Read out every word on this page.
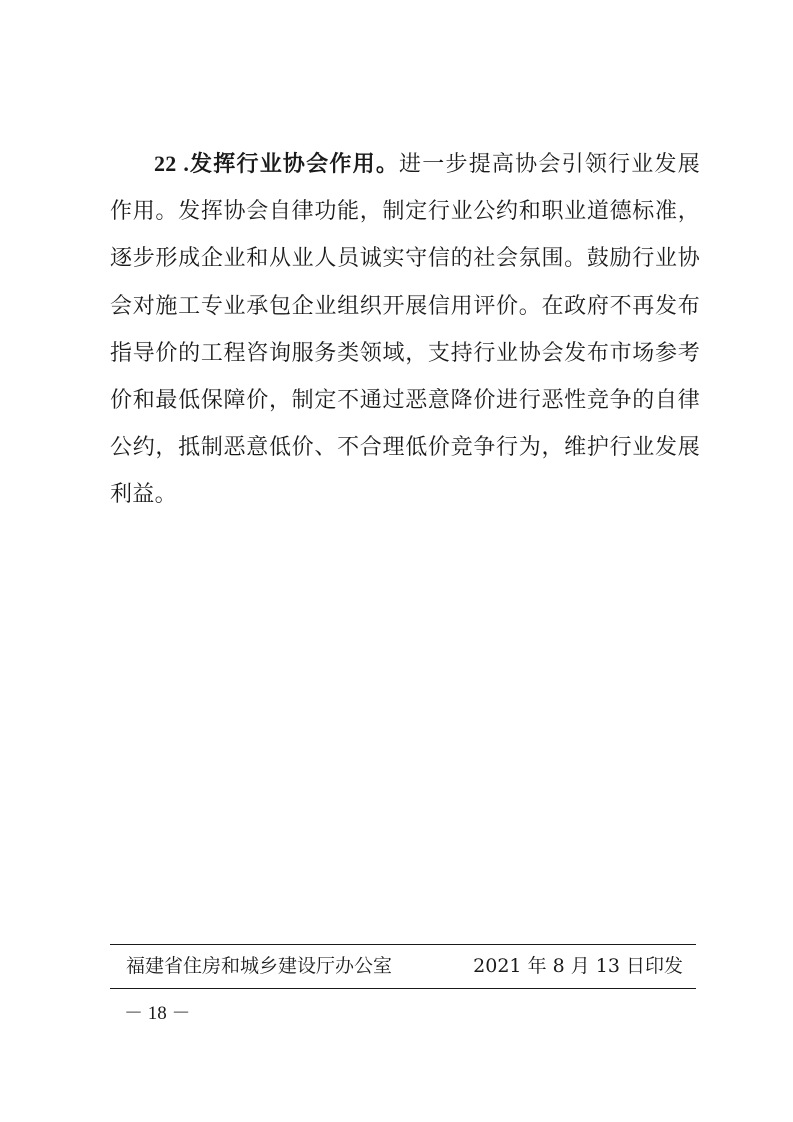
22 .发挥行业协会作用。进一步提高协会引领行业发展作用。发挥协会自律功能，制定行业公约和职业道德标准，逐步形成企业和从业人员诚实守信的社会氛围。鼓励行业协会对施工专业承包企业组织开展信用评价。在政府不再发布指导价的工程咨询服务类领域，支持行业协会发布市场参考价和最低保障价，制定不通过恶意降价进行恶性竞争的自律公约，抵制恶意低价、不合理低价竞争行为，维护行业发展利益。

福建省住房和城乡建设厅办公室	2021 年 8 月 13 日印发
－ 18 －
